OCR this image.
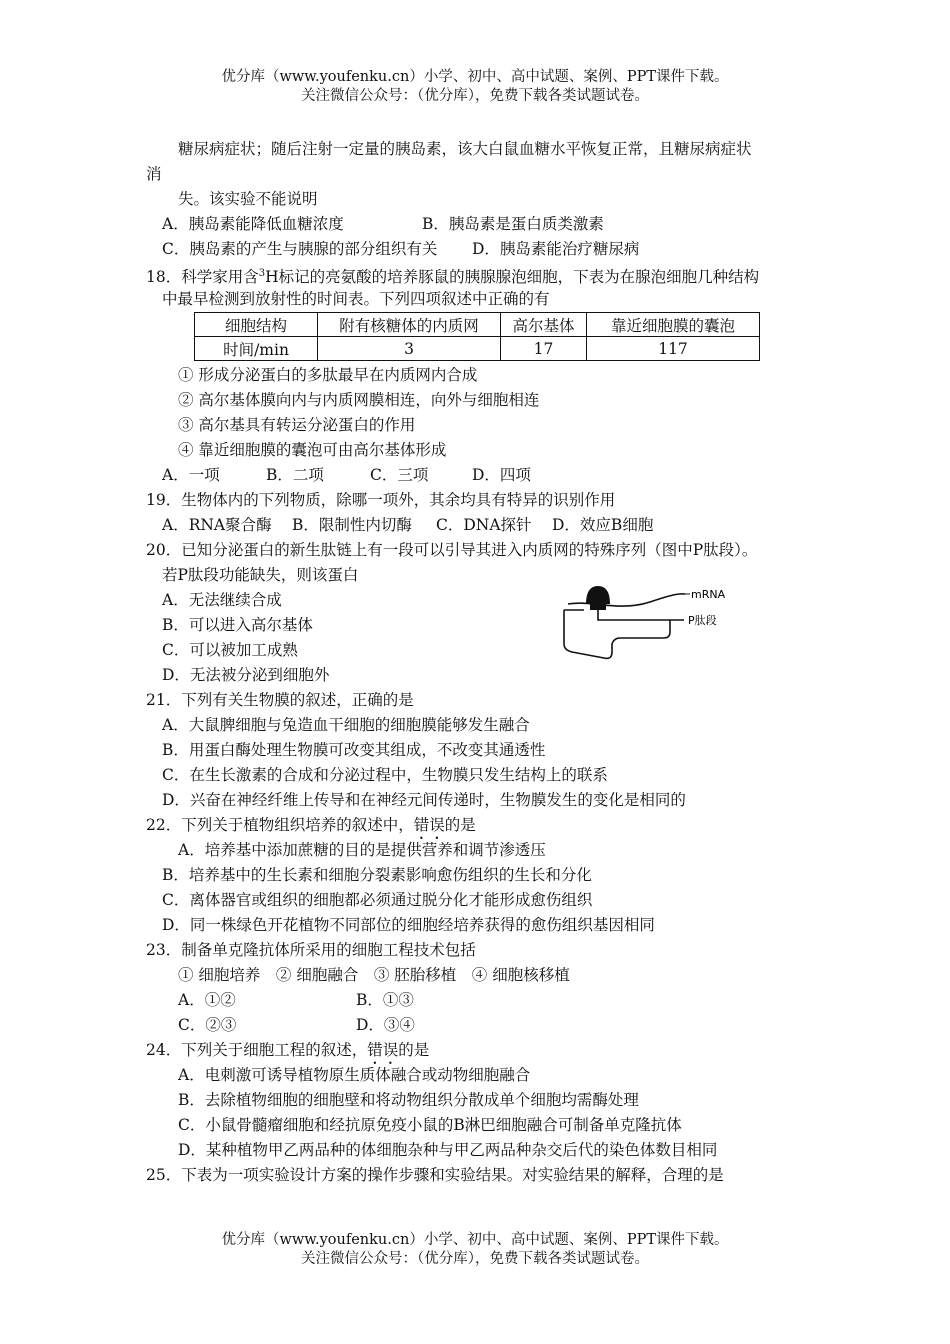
优分库（www.youfenku.cn）小学、初中、高中试题、案例、PPT课件下载。
关注微信公众号：（优分库），免费下载各类试题试卷。
糖尿病症状；随后注射一定量的胰岛素，该大白鼠血糖水平恢复正常，且糖尿病症状
消
失。该实验不能说明
A．胰岛素能降低血糖浓度	B．胰岛素是蛋白质类激素
C．胰岛素的产生与胰腺的部分组织有关 D．胰岛素能治疗糖尿病
18．科学家用含$^3$H标记的亮氨酸的培养豚鼠的胰腺腺泡细胞，下表为在腺泡细胞几种结构
中最早检测到放射性的时间表。下列四项叙述中正确的有
细胞结构	附有核糖体的内质网	高尔基体	靠近细胞膜的囊泡
时间/min	3	17	117
① 形成分泌蛋白的多肽最早在内质网内合成
② 高尔基体膜向内与内质网膜相连，向外与细胞相连
③ 高尔基具有转运分泌蛋白的作用
④ 靠近细胞膜的囊泡可由高尔基体形成
A．一项	B．二项	C．三项	D．四项
19．生物体内的下列物质，除哪一项外，其余均具有特异的识别作用
A．RNA聚合酶 B．限制性内切酶 C．DNA探针 D．效应B细胞
20．已知分泌蛋白的新生肽链上有一段可以引导其进入内质网的特殊序列（图中P肽段）。
若P肽段功能缺失，则该蛋白
A．无法继续合成
B．可以进入高尔基体
C．可以被加工成熟
D．无法被分泌到细胞外
mRNA
P肽段
21．下列有关生物膜的叙述，正确的是
A．大鼠脾细胞与兔造血干细胞的细胞膜能够发生融合
B．用蛋白酶处理生物膜可改变其组成，不改变其通透性
C．在生长激素的合成和分泌过程中，生物膜只发生结构上的联系
D．兴奋在神经纤维上传导和在神经元间传递时，生物膜发生的变化是相同的
22．下列关于植物组织培养的叙述中，错误的是
A．培养基中添加蔗糖的目的是提供营养和调节渗透压
B．培养基中的生长素和细胞分裂素影响愈伤组织的生长和分化
C．离体器官或组织的细胞都必须通过脱分化才能形成愈伤组织
D．同一株绿色开花植物不同部位的细胞经培养获得的愈伤组织基因相同
23．制备单克隆抗体所采用的细胞工程技术包括
① 细胞培养　② 细胞融合　③ 胚胎移植　④ 细胞核移植
A．①②	B．①③
C．②③	D．③④
24．下列关于细胞工程的叙述，错误的是
A．电刺激可诱导植物原生质体融合或动物细胞融合
B．去除植物细胞的细胞壁和将动物组织分散成单个细胞均需酶处理
C．小鼠骨髓瘤细胞和经抗原免疫小鼠的B淋巴细胞融合可制备单克隆抗体
D．某种植物甲乙两品种的体细胞杂种与甲乙两品种杂交后代的染色体数目相同
25．下表为一项实验设计方案的操作步骤和实验结果。对实验结果的解释，合理的是
优分库（www.youfenku.cn）小学、初中、高中试题、案例、PPT课件下载。
关注微信公众号：（优分库），免费下载各类试题试卷。
